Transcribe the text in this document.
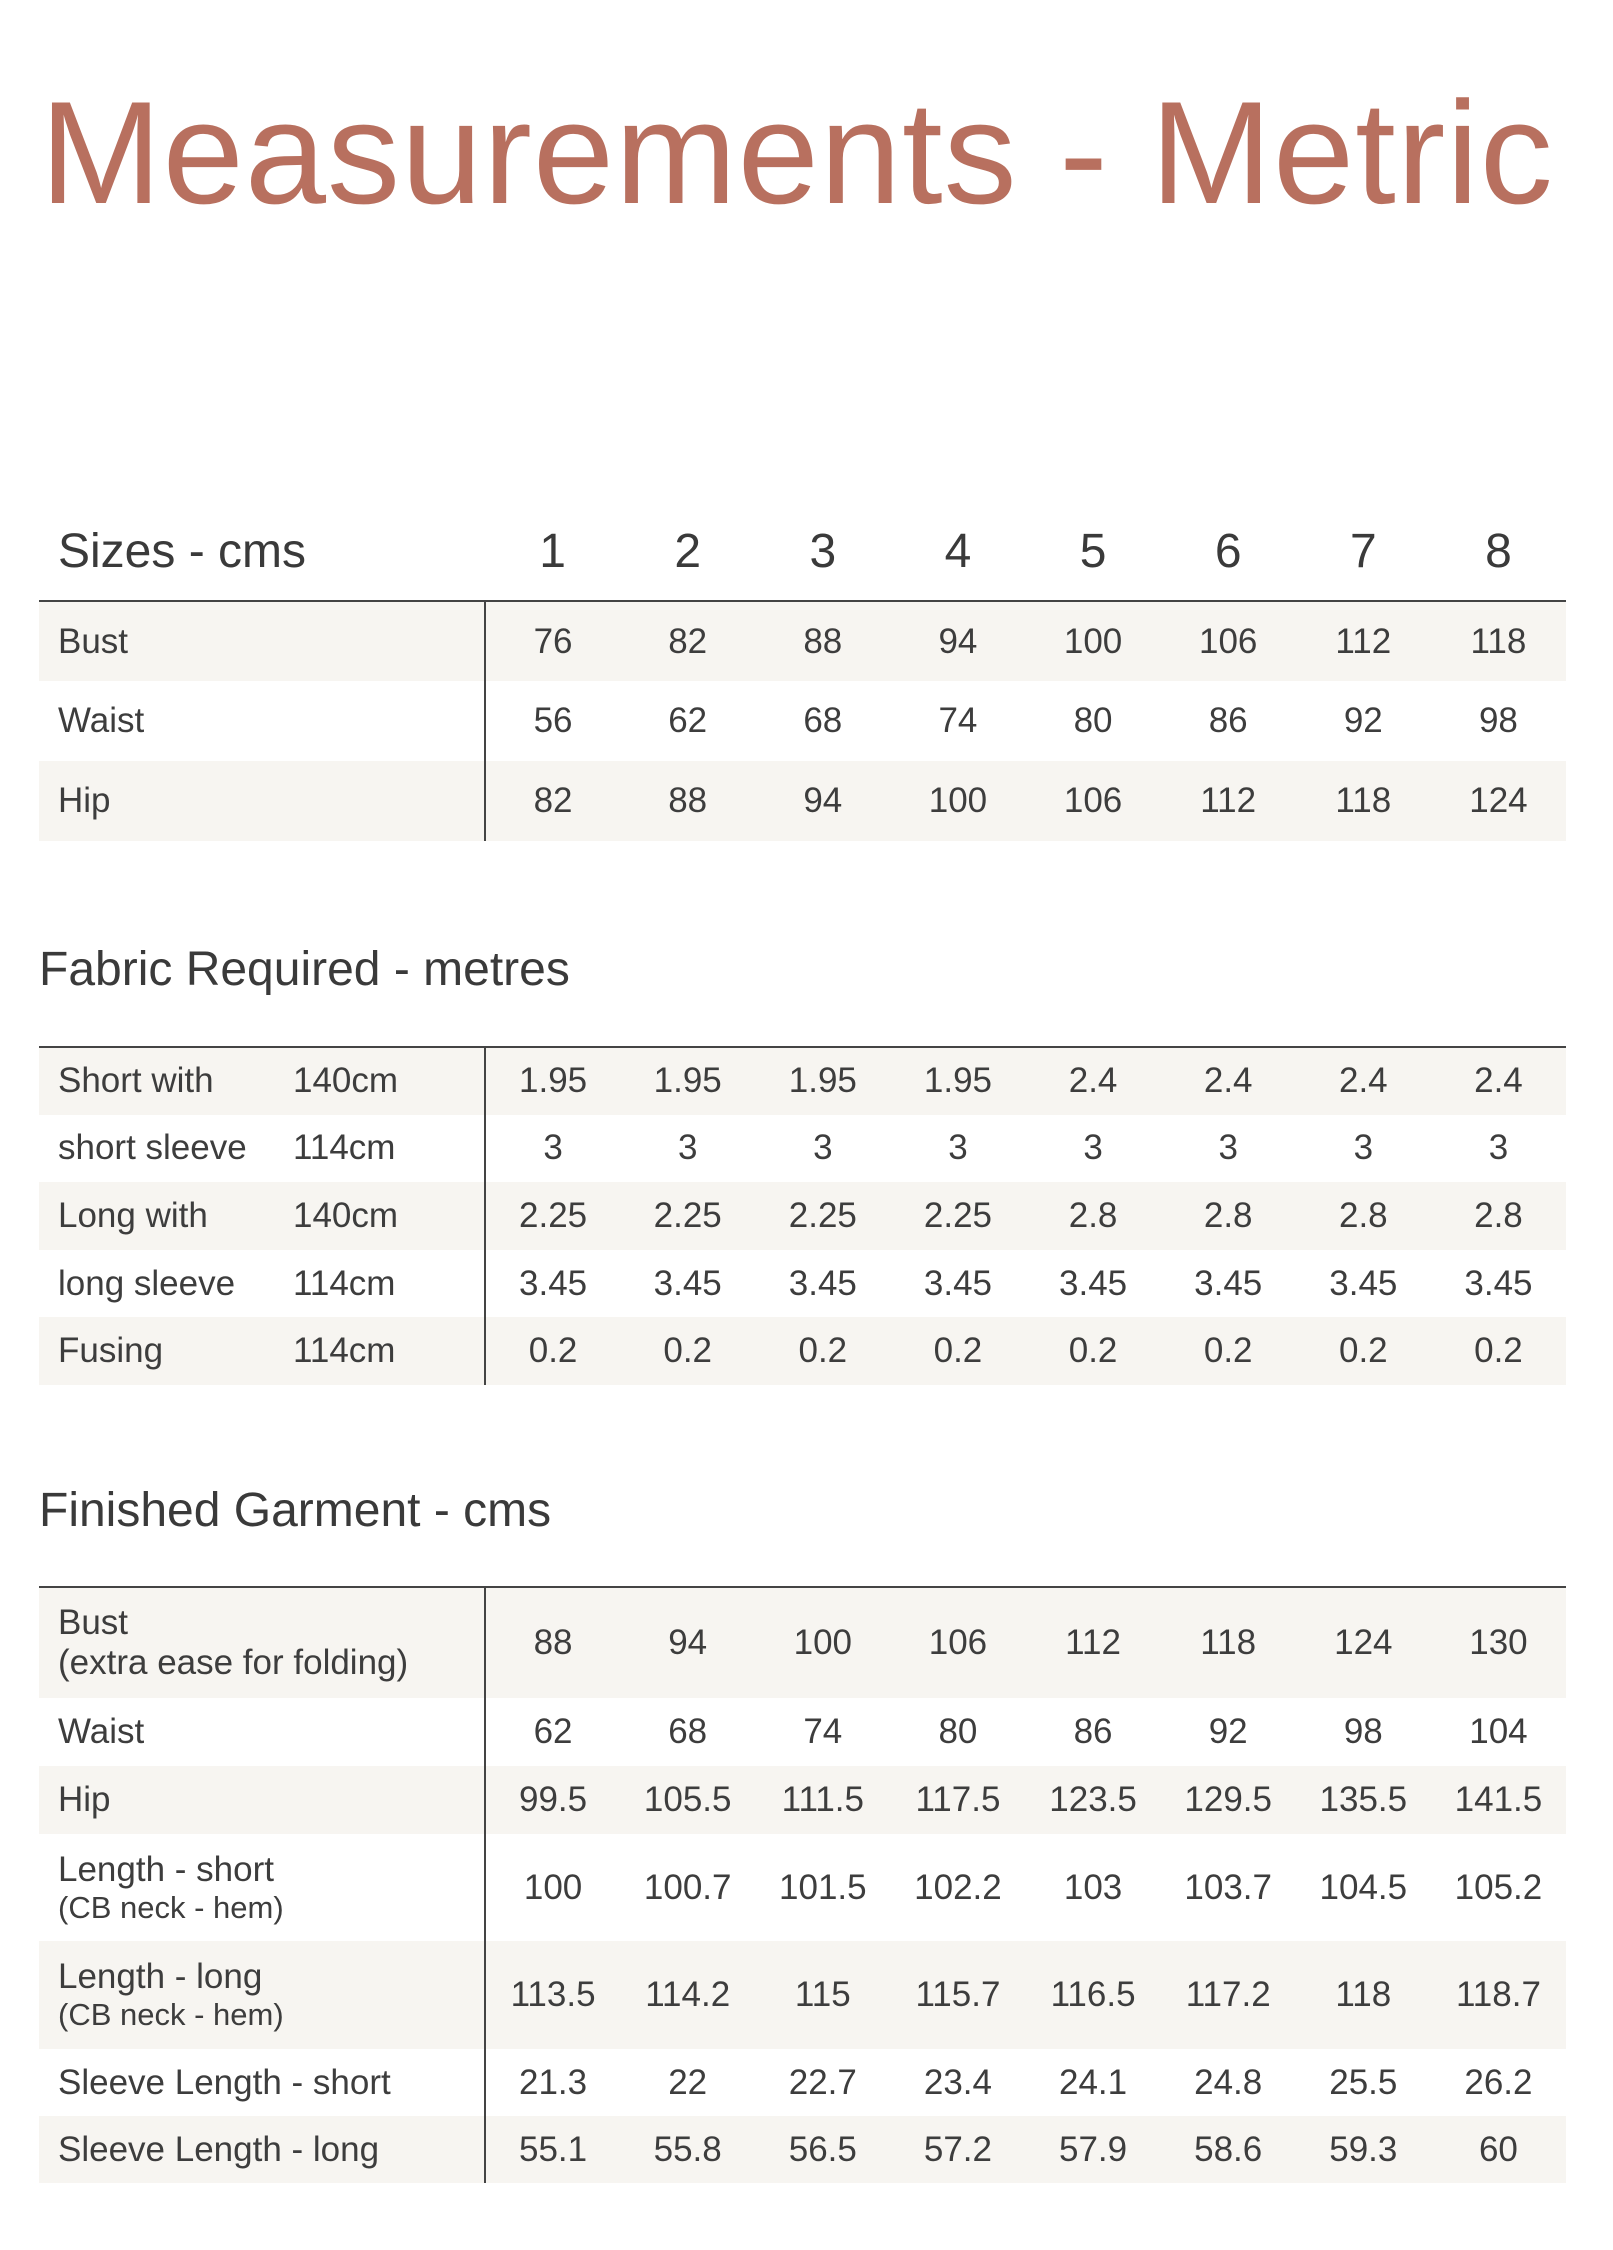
Measurements - Metric
Sizes - cms	1	2	3	4	5	6	7	8
Bust	76	82	88	94	100	106	112	118
Waist	56	62	68	74	80	86	92	98
Hip	82	88	94	100	106	112	118	124
Fabric Required - metres
Short with	140cm	1.95	1.95	1.95	1.95	2.4	2.4	2.4	2.4
short sleeve	114cm	3	3	3	3	3	3	3	3
Long with	140cm	2.25	2.25	2.25	2.25	2.8	2.8	2.8	2.8
long sleeve	114cm	3.45	3.45	3.45	3.45	3.45	3.45	3.45	3.45
Fusing	114cm	0.2	0.2	0.2	0.2	0.2	0.2	0.2	0.2
Finished Garment - cms
Bust
(extra ease for folding)	88	94	100	106	112	118	124	130

Waist	62	68	74	80	86	92	98	104

Hip	99.5	105.5	111.5	117.5	123.5	129.5	135.5	141.5

Length - short
(CB neck - hem)	100	100.7	101.5	102.2	103	103.7	104.5	105.2

Length - long
(CB neck - hem)	113.5	114.2	115	115.7	116.5	117.2	118	118.7

Sleeve Length - short	21.3	22	22.7	23.4	24.1	24.8	25.5	26.2

Sleeve Length - long	55.1	55.8	56.5	57.2	57.9	58.6	59.3	60
